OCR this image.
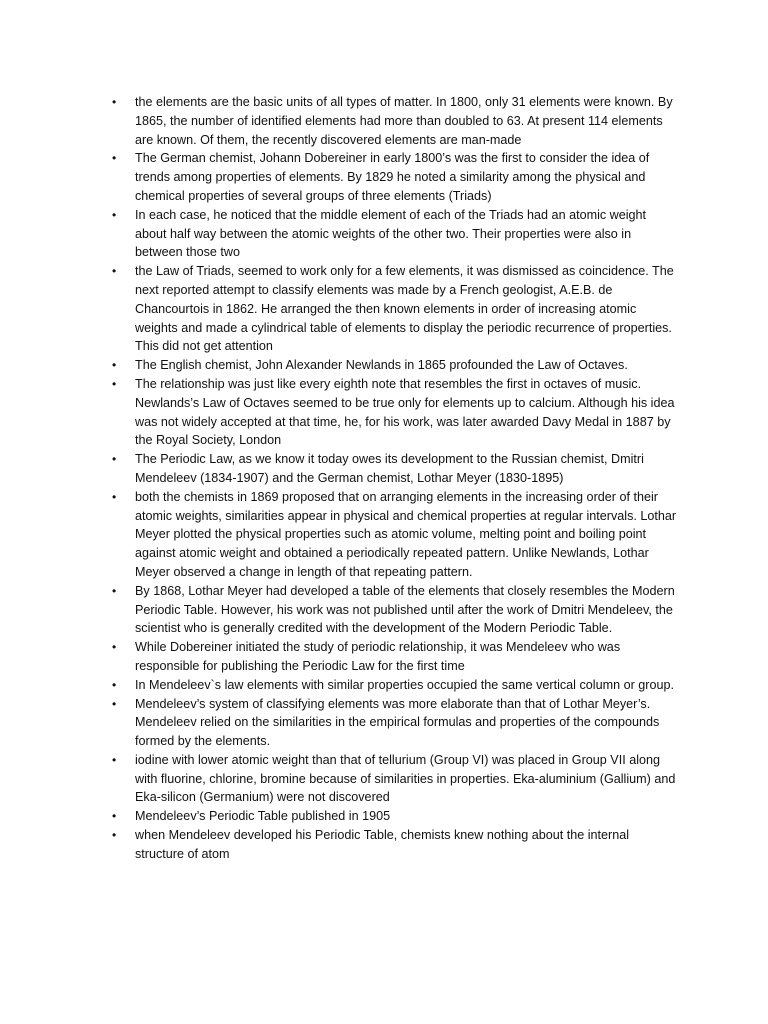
• the elements are the basic units of all types of matter. In 1800, only 31 elements were known. By 1865, the number of identified elements had more than doubled to 63. At present 114 elements are known. Of them, the recently discovered elements are man-made
• The German chemist, Johann Dobereiner in early 1800’s was the first to consider the idea of trends among properties of elements. By 1829 he noted a similarity among the physical and chemical properties of several groups of three elements (Triads)
• In each case, he noticed that the middle element of each of the Triads had an atomic weight about half way between the atomic weights of the other two. Their properties were also in between those two
• the Law of Triads, seemed to work only for a few elements, it was dismissed as coincidence. The next reported attempt to classify elements was made by a French geologist, A.E.B. de Chancourtois in 1862. He arranged the then known elements in order of increasing atomic weights and made a cylindrical table of elements to display the periodic recurrence of properties. This did not get attention
• The English chemist, John Alexander Newlands in 1865 profounded the Law of Octaves.
• The relationship was just like every eighth note that resembles the first in octaves of music. Newlands’s Law of Octaves seemed to be true only for elements up to calcium. Although his idea was not widely accepted at that time, he, for his work, was later awarded Davy Medal in 1887 by the Royal Society, London
• The Periodic Law, as we know it today owes its development to the Russian chemist, Dmitri Mendeleev (1834-1907) and the German chemist, Lothar Meyer (1830-1895)
• both the chemists in 1869 proposed that on arranging elements in the increasing order of their atomic weights, similarities appear in physical and chemical properties at regular intervals. Lothar Meyer plotted the physical properties such as atomic volume, melting point and boiling point against atomic weight and obtained a periodically repeated pattern. Unlike Newlands, Lothar Meyer observed a change in length of that repeating pattern.
• By 1868, Lothar Meyer had developed a table of the elements that closely resembles the Modern Periodic Table. However, his work was not published until after the work of Dmitri Mendeleev, the scientist who is generally credited with the development of the Modern Periodic Table.
• While Dobereiner initiated the study of periodic relationship, it was Mendeleev who was responsible for publishing the Periodic Law for the first time
• In Mendeleev`s law elements with similar properties occupied the same vertical column or group.
• Mendeleev’s system of classifying elements was more elaborate than that of Lothar Meyer’s. Mendeleev relied on the similarities in the empirical formulas and properties of the compounds formed by the elements.
• iodine with lower atomic weight than that of tellurium (Group VI) was placed in Group VII along with fluorine, chlorine, bromine because of similarities in properties. Eka-aluminium (Gallium) and Eka-silicon (Germanium) were not discovered
• Mendeleev’s Periodic Table published in 1905
• when Mendeleev developed his Periodic Table, chemists knew nothing about the internal structure of atom
